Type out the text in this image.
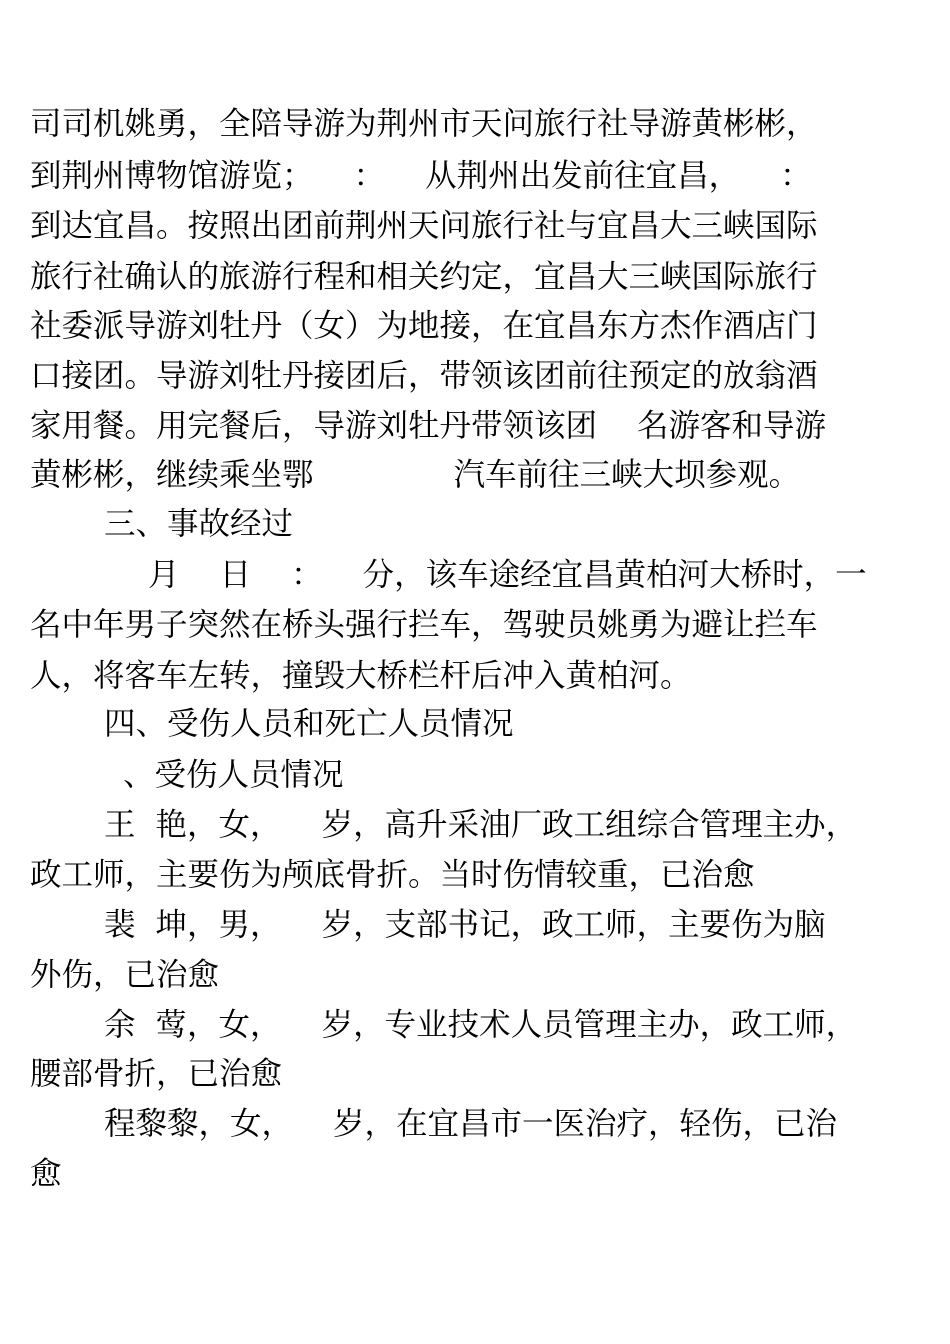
司司机姚勇，全陪导游为荆州市天问旅行社导游黄彬彬，
到荆州博物馆游览；    ：    从荆州出发前往宜昌，    ：
到达宜昌。按照出团前荆州天问旅行社与宜昌大三峡国际
旅行社确认的旅游行程和相关约定，宜昌大三峡国际旅行
社委派导游刘牡丹（女）为地接，在宜昌东方杰作酒店门
口接团。导游刘牡丹接团后，带领该团前往预定的放翁酒
家用餐。用完餐后，导游刘牡丹带领该团    名游客和导游
黄彬彬，继续乘坐鄂              汽车前往三峡大坝参观。
三、事故经过
月    日    ：    分，该车途经宜昌黄柏河大桥时，一
名中年男子突然在桥头强行拦车，驾驶员姚勇为避让拦车
人，将客车左转，撞毁大桥栏杆后冲入黄柏河。
四、受伤人员和死亡人员情况
、受伤人员情况
王  艳，女，    岁，高升采油厂政工组综合管理主办，
政工师，主要伤为颅底骨折。当时伤情较重，已治愈
裴  坤，男，    岁，支部书记，政工师，主要伤为脑
外伤，已治愈
余  莺，女，    岁，专业技术人员管理主办，政工师，
腰部骨折，已治愈
程黎黎，女，    岁，在宜昌市一医治疗，轻伤，已治
愈
